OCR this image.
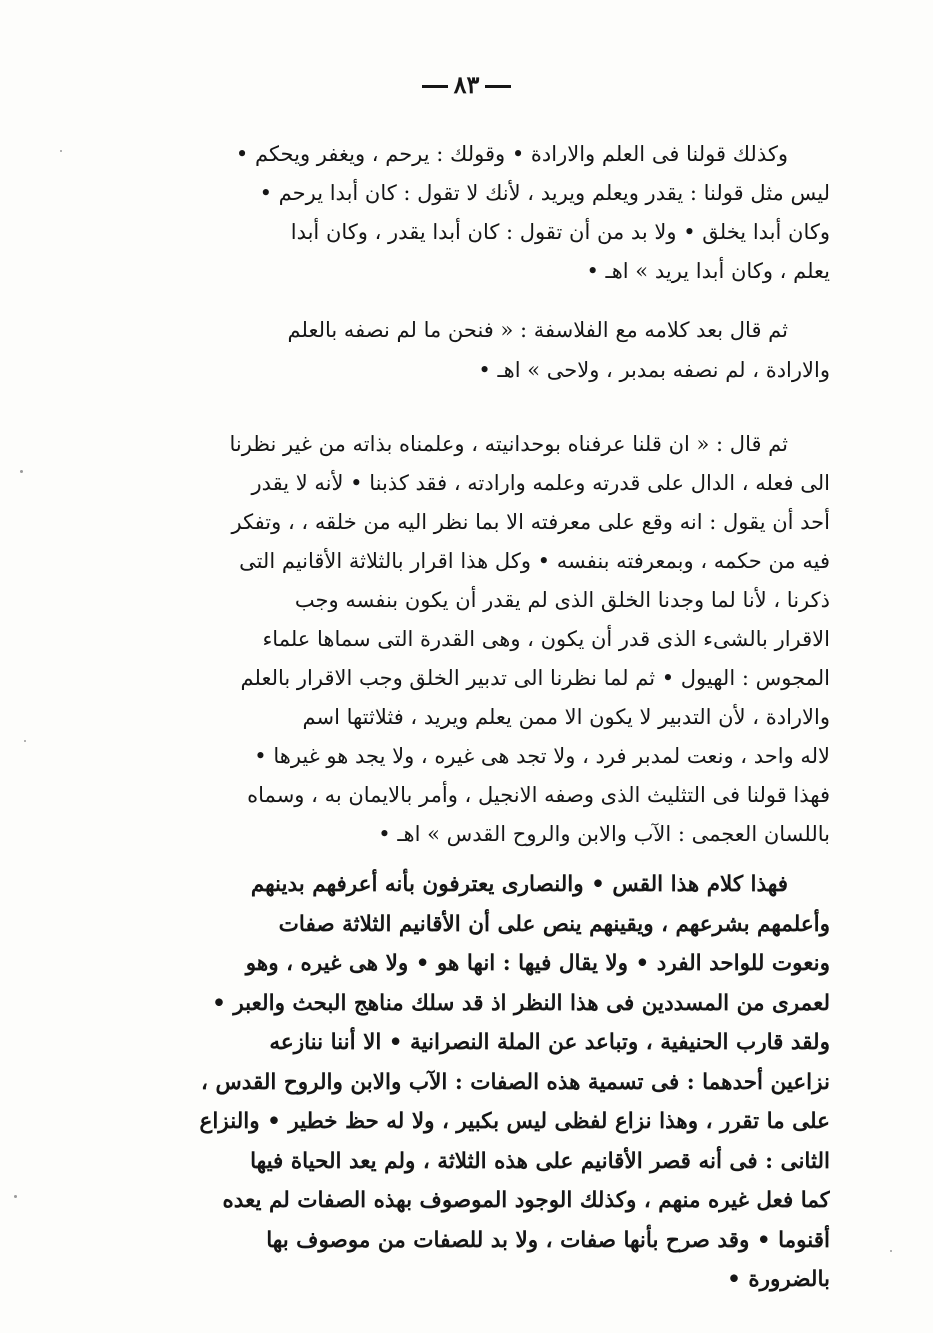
٨٣
وكذلك قولنا فى العلم والارادة • وقولك : يرحم ، ويغفر ويحكم •
ليس مثل قولنا : يقدر ويعلم ويريد ، لأنك لا تقول : كان أبدا يرحم •
وكان أبدا يخلق • ولا بد من أن تقول : كان أبدا يقدر ، وكان أبدا
يعلم ، وكان أبدا يريد » اهـ •
ثم قال بعد كلامه مع الفلاسفة : « فنحن ما لم نصفه بالعلم
والارادة ، لم نصفه بمدبر ، ولاحى » اهـ •
ثم قال : « ان قلنا عرفناه بوحدانيته ، وعلمناه بذاته من غير نظرنا
الى فعله ، الدال على قدرته وعلمه وارادته ، فقد كذبنا • لأنه لا يقدر
أحد أن يقول : انه وقع على معرفته الا بما نظر اليه من خلقه ، ، وتفكر
فيه من حكمه ، وبمعرفته بنفسه • وكل هذا اقرار بالثلاثة الأقانيم التى
ذكرنا ، لأنا لما وجدنا الخلق الذى لم يقدر أن يكون بنفسه وجب
الاقرار بالشىء الذى قدر أن يكون ، وهى القدرة التى سماها علماء
المجوس : الهيول • ثم لما نظرنا الى تدبير الخلق وجب الاقرار بالعلم
والارادة ، لأن التدبير لا يكون الا ممن يعلم ويريد ، فثلاثتها اسم
لاله واحد ، ونعت لمدبر فرد ، ولا تجد هى غيره ، ولا يجد هو غيرها •
فهذا قولنا فى التثليث الذى وصفه الانجيل ، وأمر بالايمان به ، وسماه
باللسان العجمى : الآب والابن والروح القدس » اهـ •
فهذا كلام هذا القس • والنصارى يعترفون بأنه أعرفهم بدينهم
وأعلمهم بشرعهم ، ويقينهم ينص على أن الأقانيم الثلاثة صفات
ونعوت للواحد الفرد • ولا يقال فيها : انها هو • ولا هى غيره ، وهو
لعمرى من المسددين فى هذا النظر اذ قد سلك مناهج البحث والعبر •
ولقد قارب الحنيفية ، وتباعد عن الملة النصرانية • الا أننا ننازعه
نزاعين أحدهما : فى تسمية هذه الصفات : الآب والابن والروح القدس ،
على ما تقرر ، وهذا نزاع لفظى ليس بكبير ، ولا له حظ خطير • والنزاع
الثانى : فى أنه قصر الأقانيم على هذه الثلاثة ، ولم يعد الحياة فيها
كما فعل غيره منهم ، وكذلك الوجود الموصوف بهذه الصفات لم يعده
أقنوما • وقد صرح بأنها صفات ، ولا بد للصفات من موصوف بها
بالضرورة •
